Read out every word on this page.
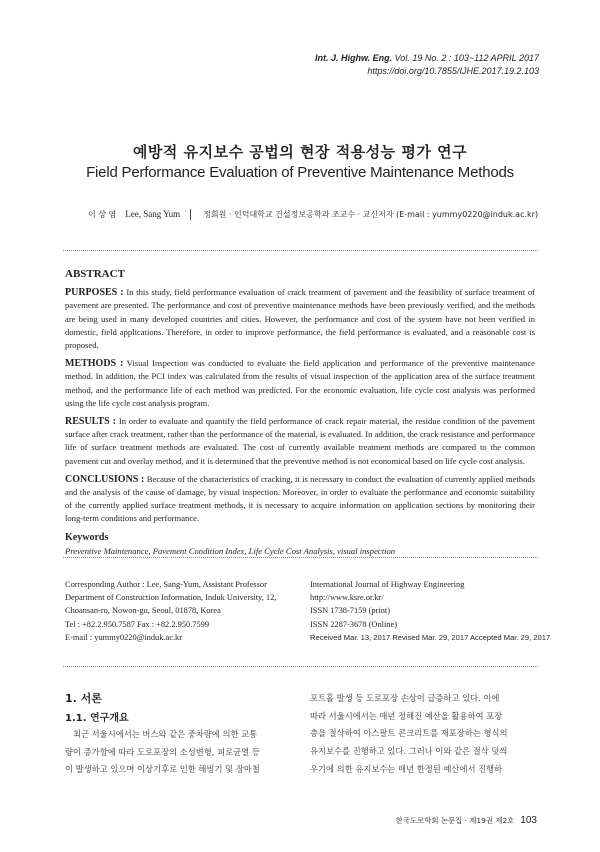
Int. J. Highw. Eng. Vol. 19 No. 2 : 103~112 APRIL 2017
https://doi.org/10.7855/IJHE.2017.19.2.103
예방적 유지보수 공법의 현장 적용성능 평가 연구
Field Performance Evaluation of Preventive Maintenance Methods
이 상 염 Lee, Sang Yum	정회원 · 인덕대학교 건설정보공학과 조교수 · 교신저자 (E-mail : yummy0220@induk.ac.kr)
ABSTRACT

PURPOSES : In this study, field performance evaluation of crack treatment of pavement and the feasibility of surface treatment of pavement are presented. The performance and cost of preventive maintenance methods have been previously verified, and the methods are being used in many developed countries and cities. However, the performance and cost of the system have not been verified in domestic, field applications. Therefore, in order to improve performance, the field performance is evaluated, and a reasonable cost is proposed.

METHODS : Visual Inspection was conducted to evaluate the field application and performance of the preventive maintenance method. In addition, the PCI index was calculated from the results of visual inspection of the application area of the surface treatment method, and the performance life of each method was predicted. For the economic evaluation, life cycle cost analysis was performed using the life cycle cost analysis program.

RESULTS : In order to evaluate and quantify the field performance of crack repair material, the residue condition of the pavement surface after crack treatment, rather than the performance of the material, is evaluated. In addition, the crack resistance and performance life of surface treatment methods are evaluated. The cost of currently available treatment methods are compared to the common pavement cut and overlay method, and it is determined that the preventive method is not economical based on life cycle cost analysis.

CONCLUSIONS : Because of the characteristics of cracking, it is necessary to conduct the evaluation of currently applied methods and the analysis of the cause of damage, by visual inspection. Moreover, in order to evaluate the performance and economic suitability of the currently applied surface treatment methods, it is necessary to acquire information on application sections by monitoring their long-term conditions and performance.

Keywords
Preventive Maintenance, Pavement Condition Index, Life Cycle Cost Analysis, visual inspection
Corresponding Author : Lee, Sang-Yum, Assistant Professor
Department of Construction Information, Induk University, 12,
Choansan-ro, Nowon-gu, Seoul, 01878, Korea
Tel : +82.2.950.7587 Fax : +82.2.950.7599
E-mail : yummy0220@induk.ac.kr
International Journal of Highway Engineering
http://www.ksre.or.kr/
ISSN 1738-7159 (print)
ISSN 2287-3678 (Online)
Received Mar. 13, 2017 Revised Mar. 29, 2017 Accepted Mar. 29, 2017
1. 서론
1.1. 연구개요
최근 서울시에서는 버스와 같은 중차량에 의한 교통
량이 증가함에 따라 도로포장의 소성변형, 피로균열 등
이 발생하고 있으며 이상기후로 인한 해빙기 및 장마철
포트홀 발생 등 도로포장 손상이 급증하고 있다. 이에
따라 서울시에서는 매년 정해진 예산을 활용하여 포장
층을 절삭하여 아스팔트 콘크리트를 재포장하는 형식의
유지보수를 진행하고 있다. 그러나 이와 같은 절삭 덧씌
우기에 의한 유지보수는 매년 한정된 예산에서 진행하
한국도로학회 논문집 · 제19권 제2호 103
